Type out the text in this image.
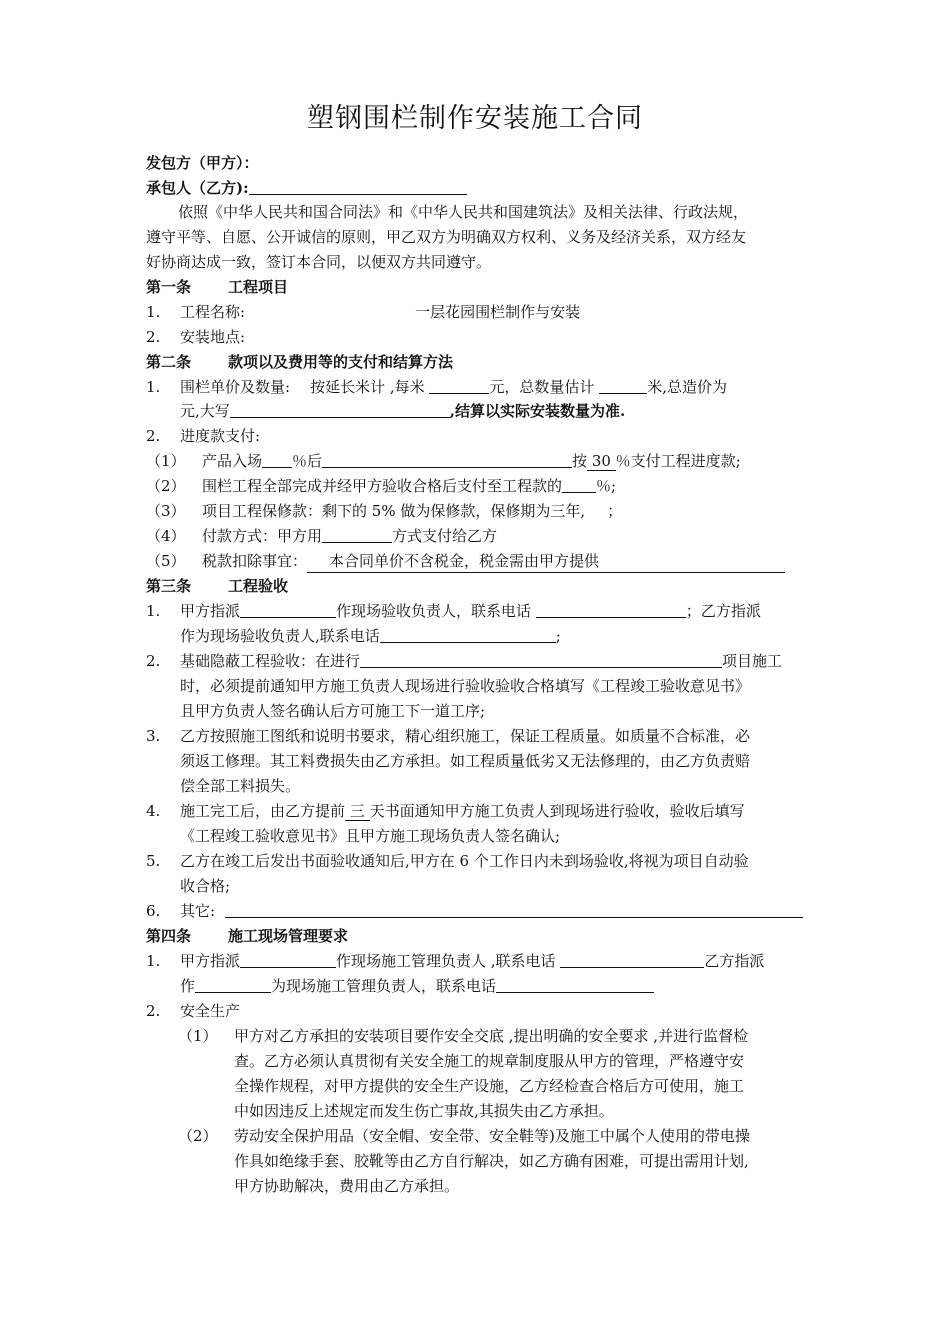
塑钢围栏制作安装施工合同
发包方（甲方）：
承包人（乙方):
依照《中华人民共和国合同法》和《中华人民共和国建筑法》及相关法律、行政法规，
遵守平等、自愿、公开诚信的原则，甲乙双方为明确双方权利、义务及经济关系，双方经友
好协商达成一致，签订本合同，以便双方共同遵守。
第一条 工程项目
1. 工程名称:	一层花园围栏制作与安装
2. 安装地点:
第二条 款项以及费用等的支付和结算方法
1. 围栏单价及数量: 按延长米计 ,每米	元，总数量估计	米,总造价为
元,大写	,结算以实际安装数量为准.
2. 进度款支付:
（1） 产品入场 ％后	按 30 ％支付工程进度款;
（2） 围栏工程全部完成并经甲方验收合格后支付至工程款的 ％;
（3） 项目工程保修款：剩下的 5% 做为保修款，保修期为三年, ；
（4） 付款方式：甲方用	方式支付给乙方
（5） 税款扣除事宜： 本合同单价不含税金，税金需由甲方提供
第三条 工程验收
1. 甲方指派	作现场验收负责人，联系电话	；乙方指派
作为现场验收负责人,联系电话	;
2. 基础隐蔽工程验收：在进行	项目施工
时，必须提前通知甲方施工负责人现场进行验收验收合格填写《工程竣工验收意见书》
且甲方负责人签名确认后方可施工下一道工序;
3. 乙方按照施工图纸和说明书要求，精心组织施工，保证工程质量。如质量不合标准，必
须返工修理。其工料费损失由乙方承担。如工程质量低劣又无法修理的，由乙方负责赔
偿全部工料损失。
4. 施工完工后，由乙方提前 三 天书面通知甲方施工负责人到现场进行验收，验收后填写
《工程竣工验收意见书》且甲方施工现场负责人签名确认;
5. 乙方在竣工后发出书面验收通知后,甲方在 6 个工作日内未到场验收,将视为项目自动验
收合格;
6. 其它:
第四条 施工现场管理要求
1. 甲方指派	作现场施工管理负责人 ,联系电话	乙方指派
作	为现场施工管理负责人，联系电话
2. 安全生产
（1） 甲方对乙方承担的安装项目要作安全交底 ,提出明确的安全要求 ,并进行监督检
查。乙方必须认真贯彻有关安全施工的规章制度服从甲方的管理，严格遵守安
全操作规程，对甲方提供的安全生产设施，乙方经检查合格后方可使用，施工
中如因违反上述规定而发生伤亡事故,其损失由乙方承担。
（2） 劳动安全保护用品（安全帽、安全带、安全鞋等)及施工中属个人使用的带电操
作具如绝缘手套、胶靴等由乙方自行解决，如乙方确有困难，可提出需用计划,
甲方协助解决，费用由乙方承担。
